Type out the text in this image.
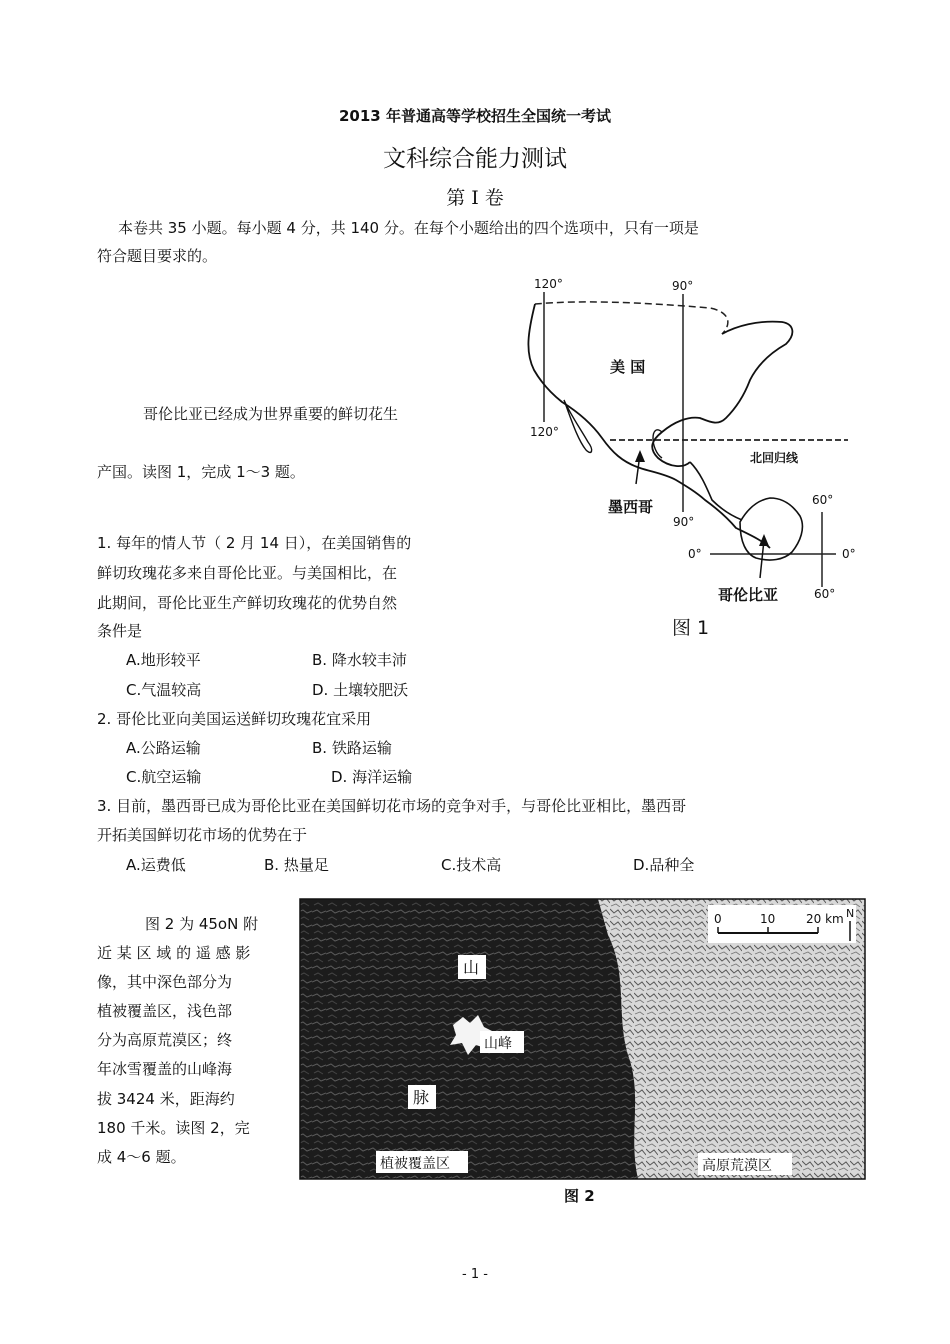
2013 年普通高等学校招生全国统一考试
文科综合能力测试
第 I 卷
本卷共 35 小题。每小题 4 分，共 140 分。在每个小题给出的四个选项中，只有一项是
符合题目要求的。
哥伦比亚已经成为世界重要的鲜切花生
产国。读图 1，完成 1～3 题。
1. 每年的情人节（ 2 月 14 日），在美国销售的
鲜切玫瑰花多来自哥伦比亚。与美国相比，在
此期间，哥伦比亚生产鲜切玫瑰花的优势自然
条件是
A.地形较平	B. 降水较丰沛
C.气温较高	D. 土壤较肥沃
2. 哥伦比亚向美国运送鲜切玫瑰花宜采用
A.公路运输	B. 铁路运输
C.航空运输	D. 海洋运输
3. 目前，墨西哥已成为哥伦比亚在美国鲜切花市场的竞争对手，与哥伦比亚相比，墨西哥
开拓美国鲜切花市场的优势在于
A.运费低	B. 热量足	C.技术高	D.品种全
图 2 为 45oN 附
近 某 区 域 的 遥 感 影
像，其中深色部分为
植被覆盖区，浅色部
分为高原荒漠区；终
年冰雪覆盖的山峰海
拔 3424 米，距海约
180 千米。读图 2，完
成 4～6 题。
120°	90°
120°
美 国
北回归线
墨西哥
90°
60°
0°	0°
哥伦比亚	60°
图 1
0	10	20 km N
山
山峰
脉
植被覆盖区	高原荒漠区
图 2
- 1 -
